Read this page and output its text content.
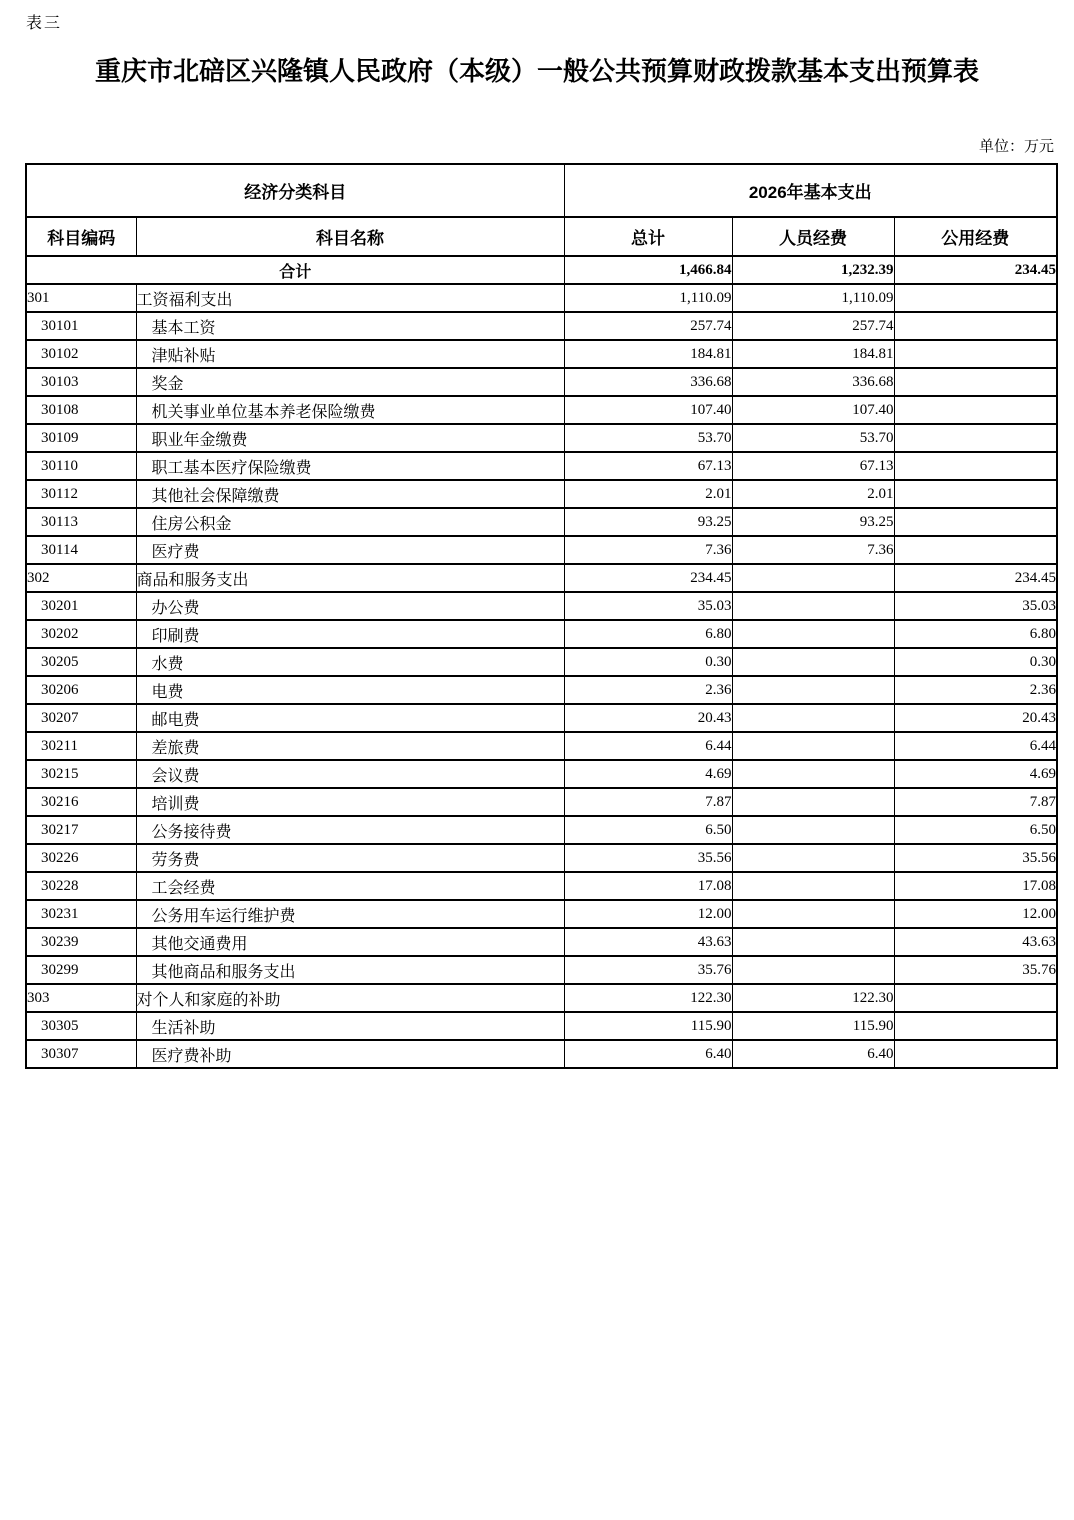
表三
重庆市北碚区兴隆镇人民政府（本级）一般公共预算财政拨款基本支出预算表
单位：万元
经济分类科目		2026年基本支出		
科目编码	科目名称	总计	人员经费	公用经费
合计		1,466.84	1,232.39	234.45
301	工资福利支出	1,110.09	1,110.09	
30101	基本工资	257.74	257.74	
30102	津贴补贴	184.81	184.81	
30103	奖金	336.68	336.68	
30108	机关事业单位基本养老保险缴费	107.40	107.40	
30109	职业年金缴费	53.70	53.70	
30110	职工基本医疗保险缴费	67.13	67.13	
30112	其他社会保障缴费	2.01	2.01	
30113	住房公积金	93.25	93.25	
30114	医疗费	7.36	7.36	
302	商品和服务支出	234.45		234.45
30201	办公费	35.03		35.03
30202	印刷费	6.80		6.80
30205	水费	0.30		0.30
30206	电费	2.36		2.36
30207	邮电费	20.43		20.43
30211	差旅费	6.44		6.44
30215	会议费	4.69		4.69
30216	培训费	7.87		7.87
30217	公务接待费	6.50		6.50
30226	劳务费	35.56		35.56
30228	工会经费	17.08		17.08
30231	公务用车运行维护费	12.00		12.00
30239	其他交通费用	43.63		43.63
30299	其他商品和服务支出	35.76		35.76
303	对个人和家庭的补助	122.30	122.30	
30305	生活补助	115.90	115.90	
30307	医疗费补助	6.40	6.40	
